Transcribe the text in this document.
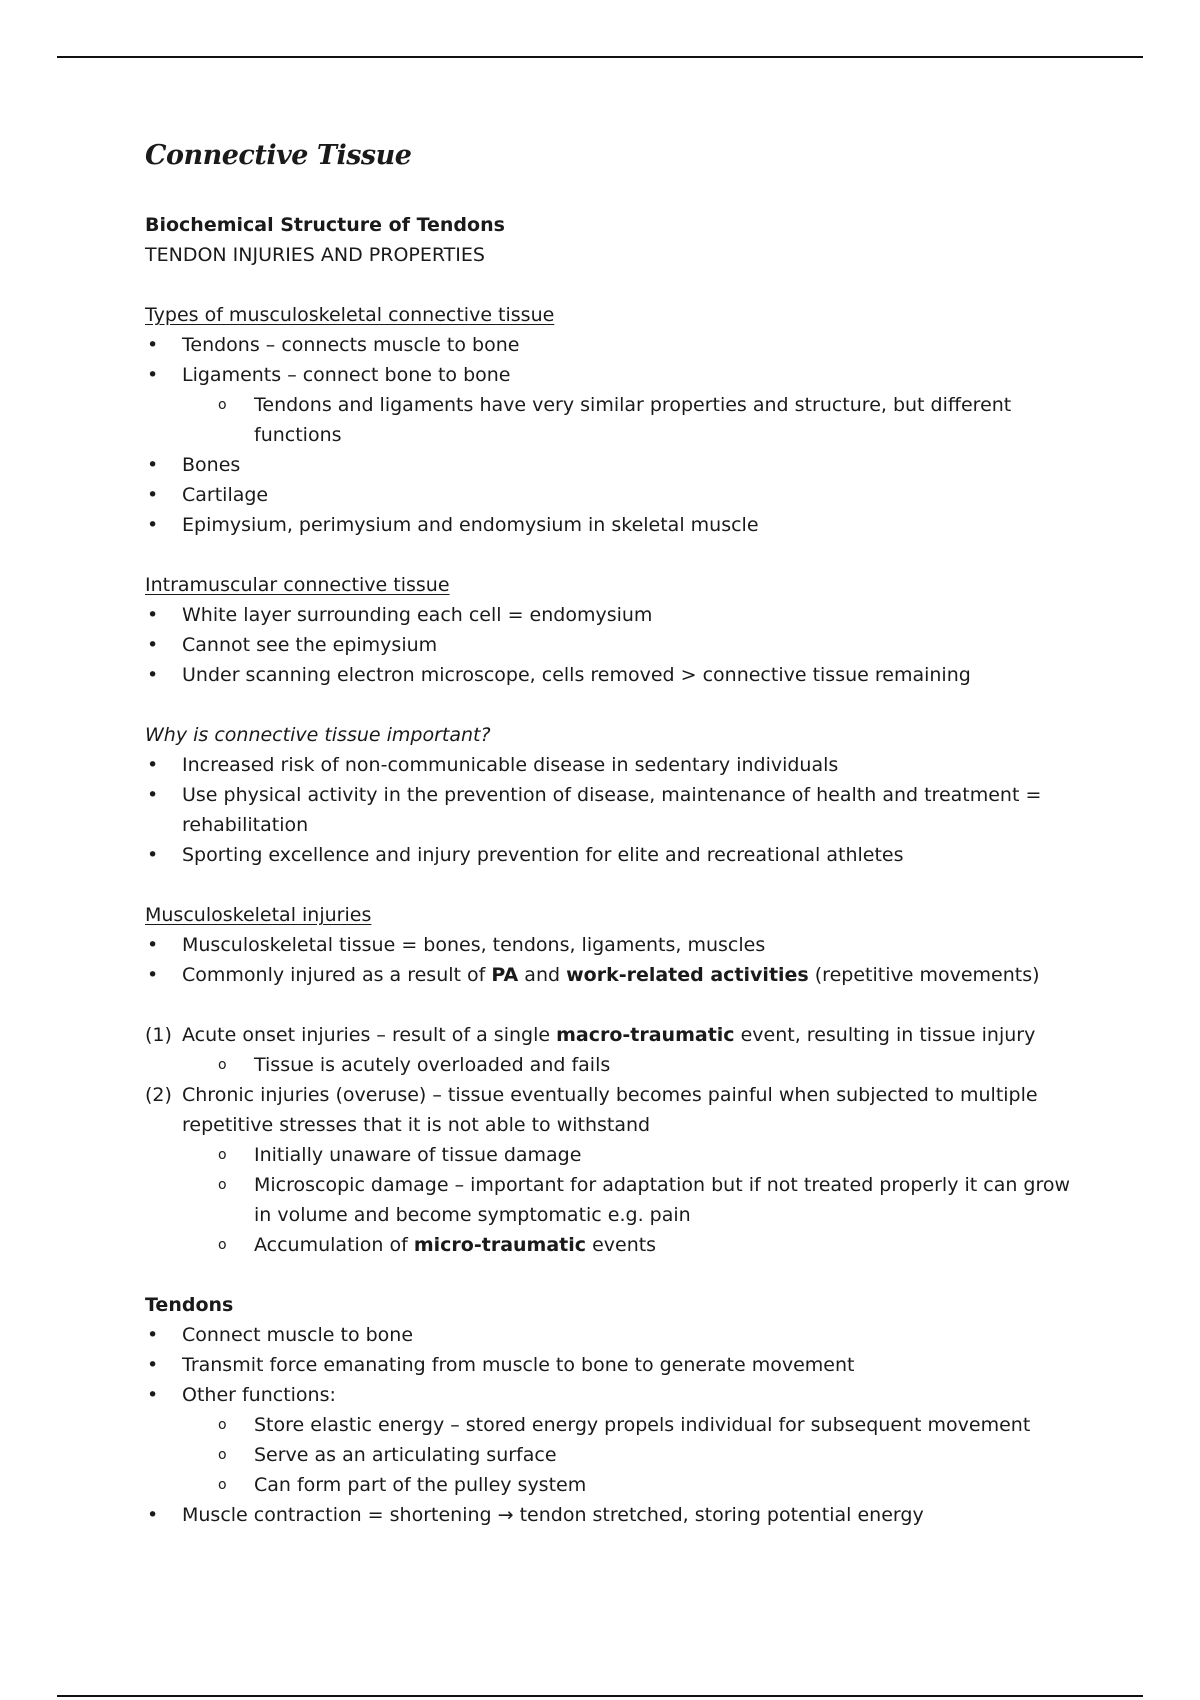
Connective Tissue
Biochemical Structure of Tendons
TENDON INJURIES AND PROPERTIES
Types of musculoskeletal connective tissue
• Tendons – connects muscle to bone
• Ligaments – connect bone to bone
o Tendons and ligaments have very similar properties and structure, but different functions
• Bones
• Cartilage
• Epimysium, perimysium and endomysium in skeletal muscle
Intramuscular connective tissue
• White layer surrounding each cell = endomysium
• Cannot see the epimysium
• Under scanning electron microscope, cells removed > connective tissue remaining
Why is connective tissue important?
• Increased risk of non-communicable disease in sedentary individuals
• Use physical activity in the prevention of disease, maintenance of health and treatment = rehabilitation
• Sporting excellence and injury prevention for elite and recreational athletes
Musculoskeletal injuries
• Musculoskeletal tissue = bones, tendons, ligaments, muscles
• Commonly injured as a result of PA and work-related activities (repetitive movements)
(1) Acute onset injuries – result of a single macro-traumatic event, resulting in tissue injury
o Tissue is acutely overloaded and fails
(2) Chronic injuries (overuse) – tissue eventually becomes painful when subjected to multiple repetitive stresses that it is not able to withstand
o Initially unaware of tissue damage
o Microscopic damage – important for adaptation but if not treated properly it can grow in volume and become symptomatic e.g. pain
o Accumulation of micro-traumatic events
Tendons
• Connect muscle to bone
• Transmit force emanating from muscle to bone to generate movement
• Other functions:
o Store elastic energy – stored energy propels individual for subsequent movement
o Serve as an articulating surface
o Can form part of the pulley system
• Muscle contraction = shortening → tendon stretched, storing potential energy
